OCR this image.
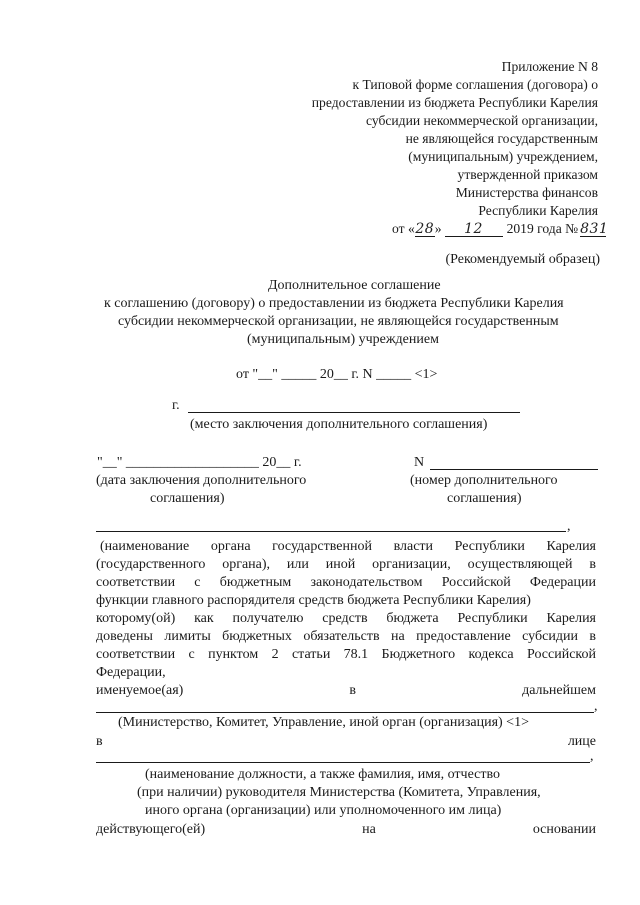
Приложение N 8
к Типовой форме соглашения (договора) о
предоставлении из бюджета Республики Карелия
субсидии некоммерческой организации,
не являющейся государственным
(муниципальным) учреждением,
утвержденной приказом
Министерства финансов
Республики Карелия
от «28» 12 2019 года № 831
(Рекомендуемый образец)
Дополнительное соглашение
к соглашению (договору) о предоставлении из бюджета Республики Карелия
субсидии некоммерческой организации, не являющейся государственным
(муниципальным) учреждением
от "__" _____ 20__ г. N _____ <1>
г.
(место заключения дополнительного соглашения)
"__" ___________________ 20__ г.
(дата заключения дополнительного
соглашения)
N
(номер дополнительного
соглашения)
,
(наименование органа государственной власти Республики Карелия
(государственного органа), или иной организации, осуществляющей в
соответствии с бюджетным законодательством Российской Федерации
функции главного распорядителя средств бюджета Республики Карелия)
которому(ой) как получателю средств бюджета Республики Карелия
доведены лимиты бюджетных обязательств на предоставление субсидии в
соответствии с пунктом 2 статьи 78.1 Бюджетного кодекса Российской
Федерации,
именуемое(ая)	в	дальнейшем
,
(Министерство, Комитет, Управление, иной орган (организация) <1>
в	лице
,
(наименование должности, а также фамилия, имя, отчество
(при наличии) руководителя Министерства (Комитета, Управления,
иного органа (организации) или уполномоченного им лица)
действующего(ей)	на	основании
